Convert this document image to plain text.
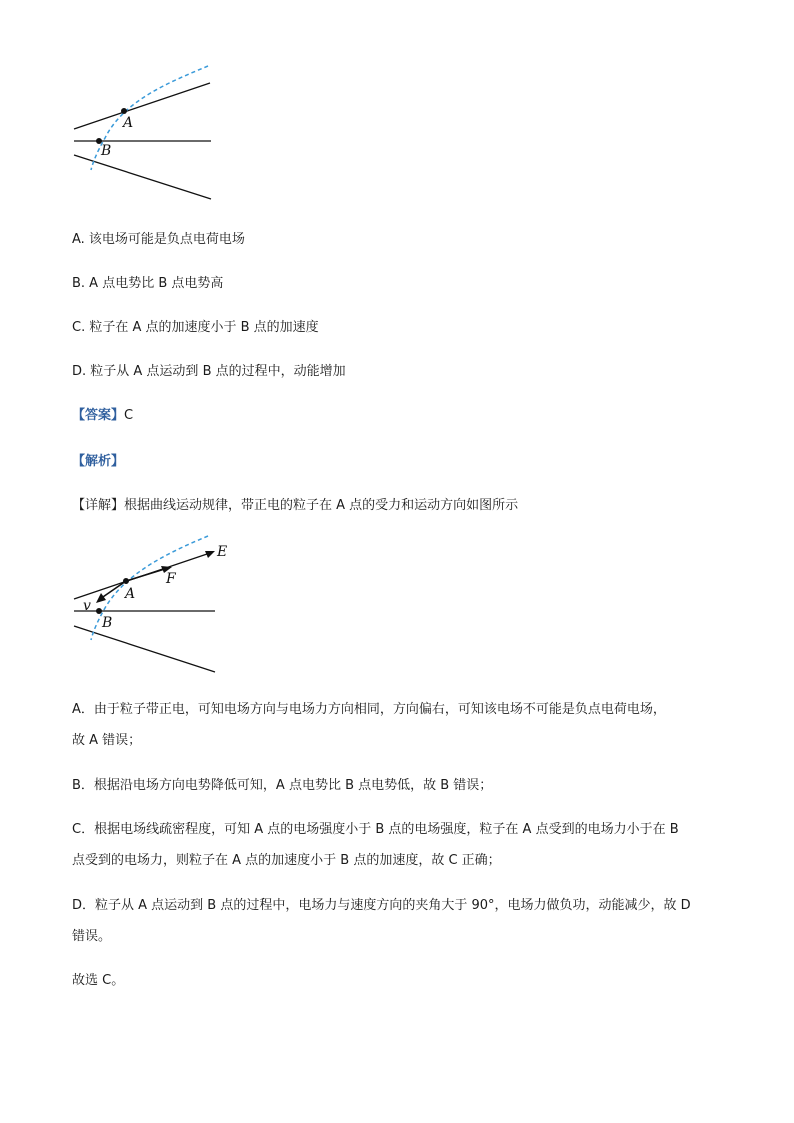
A
B
A. 该电场可能是负点电荷电场
B. A 点电势比 B 点电势高
C. 粒子在 A 点的加速度小于 B 点的加速度
D. 粒子从 A 点运动到 B 点的过程中，动能增加
【答案】C
【解析】
【详解】根据曲线运动规律，带正电的粒子在 A 点的受力和运动方向如图所示
E
F
A
v
B
A．由于粒子带正电，可知电场方向与电场力方向相同，方向偏右，可知该电场不可能是负点电荷电场，
故 A 错误；
B．根据沿电场方向电势降低可知，A 点电势比 B 点电势低，故 B 错误；
C．根据电场线疏密程度，可知 A 点的电场强度小于 B 点的电场强度，粒子在 A 点受到的电场力小于在 B
点受到的电场力，则粒子在 A 点的加速度小于 B 点的加速度，故 C 正确；
D．粒子从 A 点运动到 B 点的过程中，电场力与速度方向的夹角大于 90°，电场力做负功，动能减少，故 D
错误。
故选 C。
